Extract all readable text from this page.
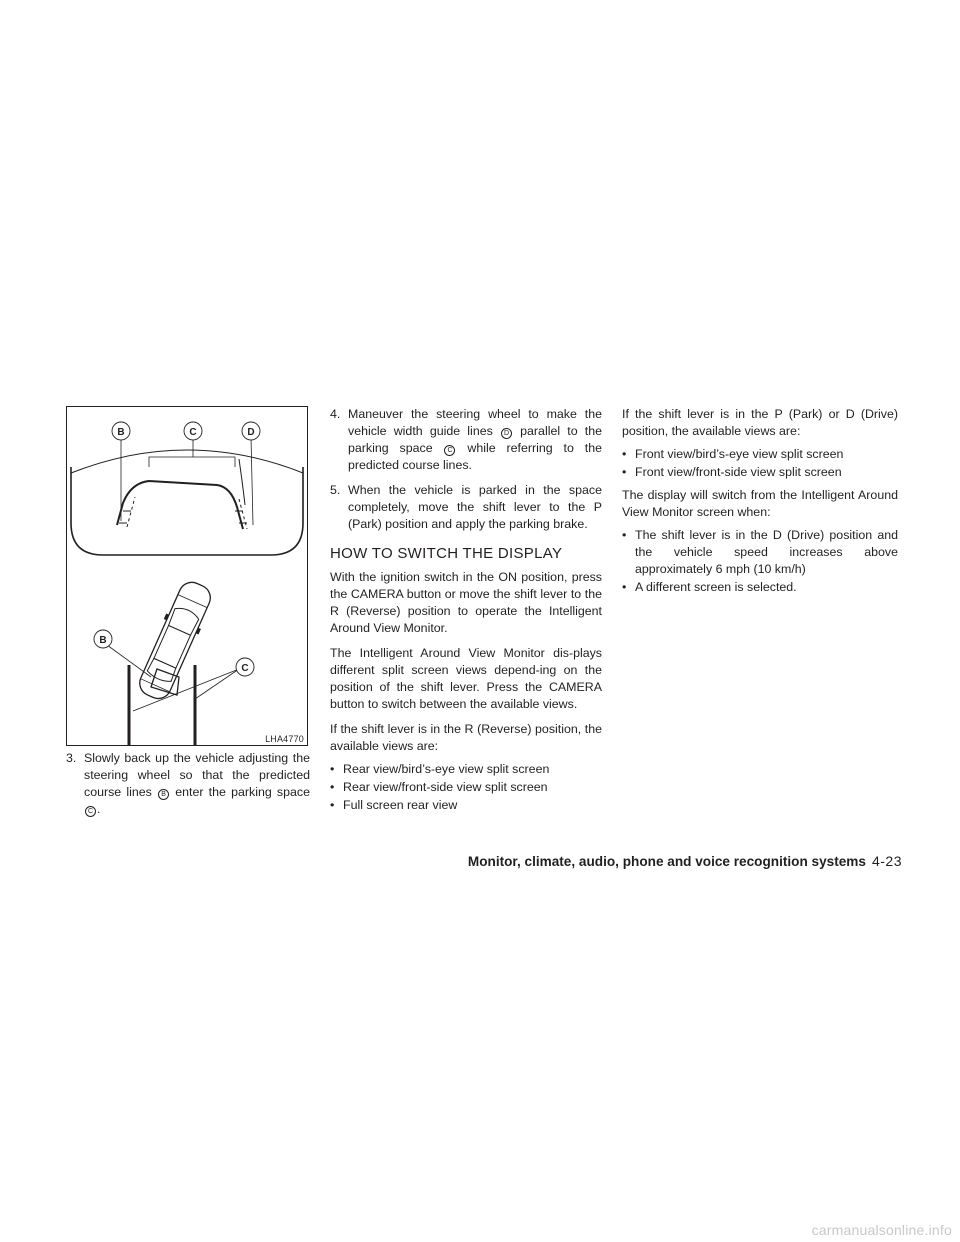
B	C	D
B
C
LHA4770
3. Slowly back up the vehicle adjusting the steering wheel so that the predicted course lines B enter the parking space C .
4. Maneuver the steering wheel to make the vehicle width guide lines D parallel to the parking space C while referring to the predicted course lines.
5. When the vehicle is parked in the space completely, move the shift lever to the P (Park) position and apply the parking brake.
HOW TO SWITCH THE DISPLAY

With the ignition switch in the ON position, press the CAMERA button or move the shift lever to the R (Reverse) position to operate the Intelligent Around View Monitor.

The Intelligent Around View Monitor dis-plays different split screen views depend-ing on the position of the shift lever. Press the CAMERA button to switch between the available views.

If the shift lever is in the R (Reverse) position, the available views are:

• Rear view/bird’s-eye view split screen
• Rear view/front-side view split screen
• Full screen rear view

If the shift lever is in the P (Park) or D (Drive) position, the available views are:

• Front view/bird’s-eye view split screen
• Front view/front-side view split screen

The display will switch from the Intelligent Around View Monitor screen when:

• The shift lever is in the D (Drive) position and the vehicle speed increases above approximately 6 mph (10 km/h)
• A different screen is selected.
Monitor, climate, audio, phone and voice recognition systems 4-23
carmanualsonline.info
